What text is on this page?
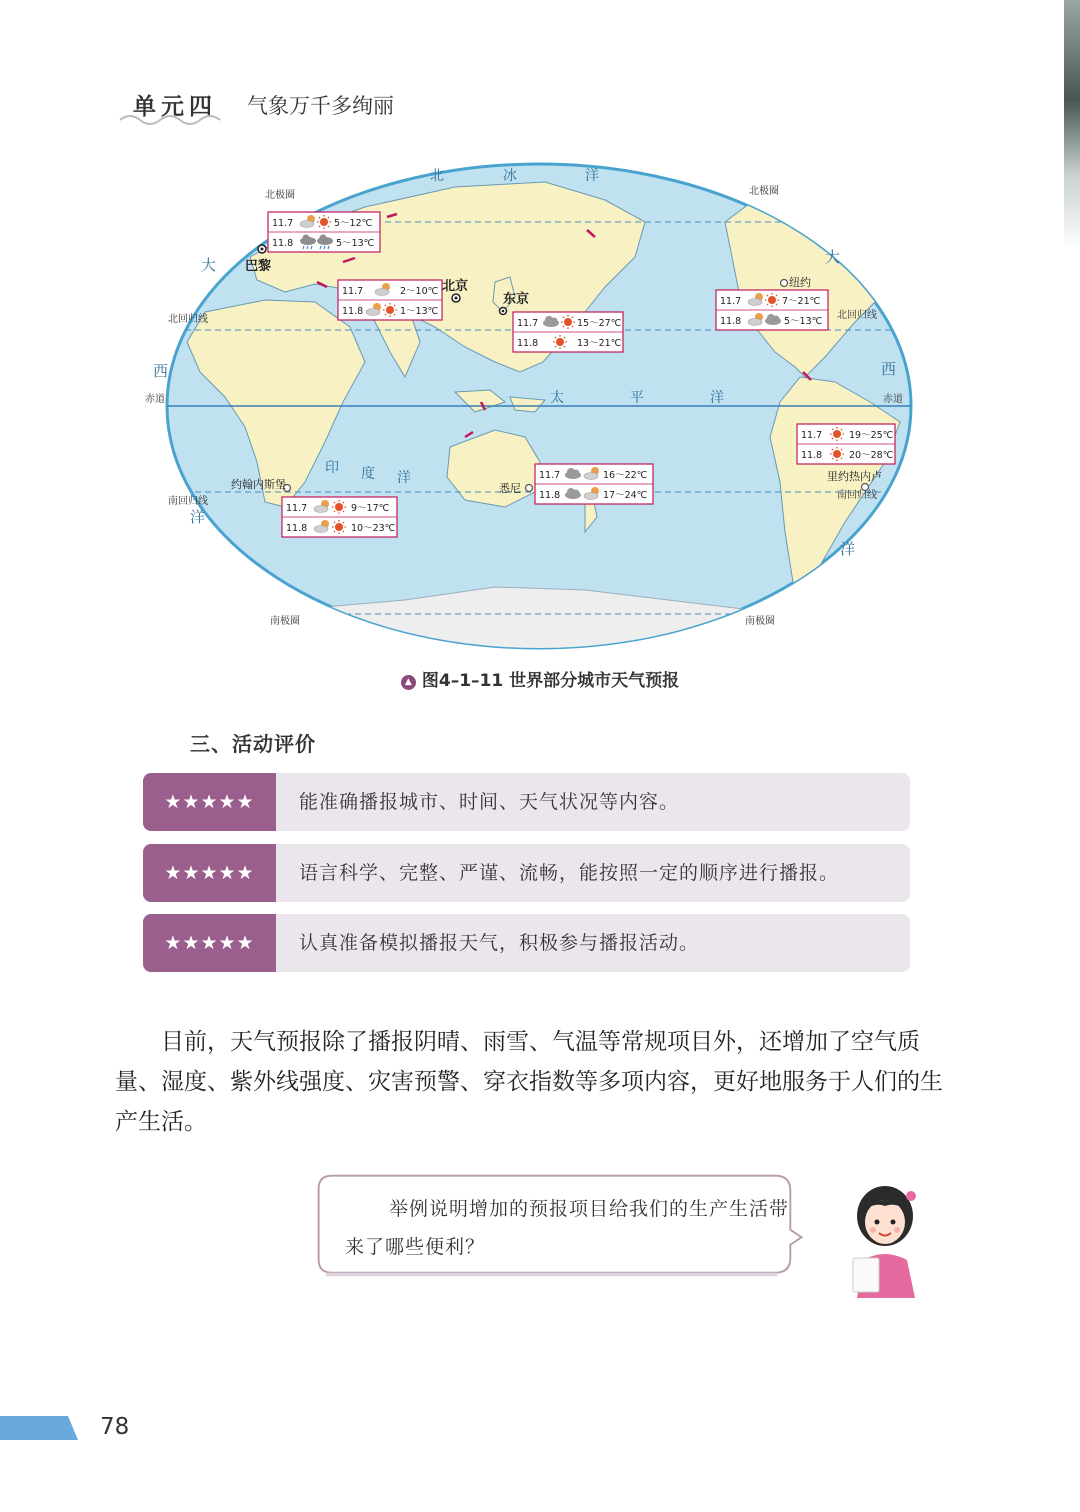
单元四 气象万千多绚丽
北	冰	洋
大
西
大
西
洋
太	平	洋
印 度 洋
洋
北极圈	北极圈
北回归线	北回归线
赤道	赤道
南回归线
南回归线
南极圈	南极圈
巴黎
北京
东京
纽约
约翰内斯堡	悉尼
里约热内卢
11.7	5～12℃
11.8	5～13℃
11.7	2～10℃
11.8	1～13℃
11.7	15～27℃
11.8	13～21℃
11.7	7～21℃
11.8	5～13℃
11.7	19～25℃
11.8	20～28℃
11.7	16～22℃
11.8	17～24℃
11.7	9～17℃
11.8	10～23℃
▲ 图4–1–11 世界部分城市天气预报
三、活动评价
★★★★★	能准确播报城市、时间、天气状况等内容。
★★★★★	语言科学、完整、严谨、流畅，能按照一定的顺序进行播报。
★★★★★	认真准备模拟播报天气，积极参与播报活动。
目前，天气预报除了播报阴晴、雨雪、气温等常规项目外，还增加了空气质量、湿度、紫外线强度、灾害预警、穿衣指数等多项内容，更好地服务于人们的生产生活。
举例说明增加的预报项目给我们的生产生活带来了哪些便利？
78
